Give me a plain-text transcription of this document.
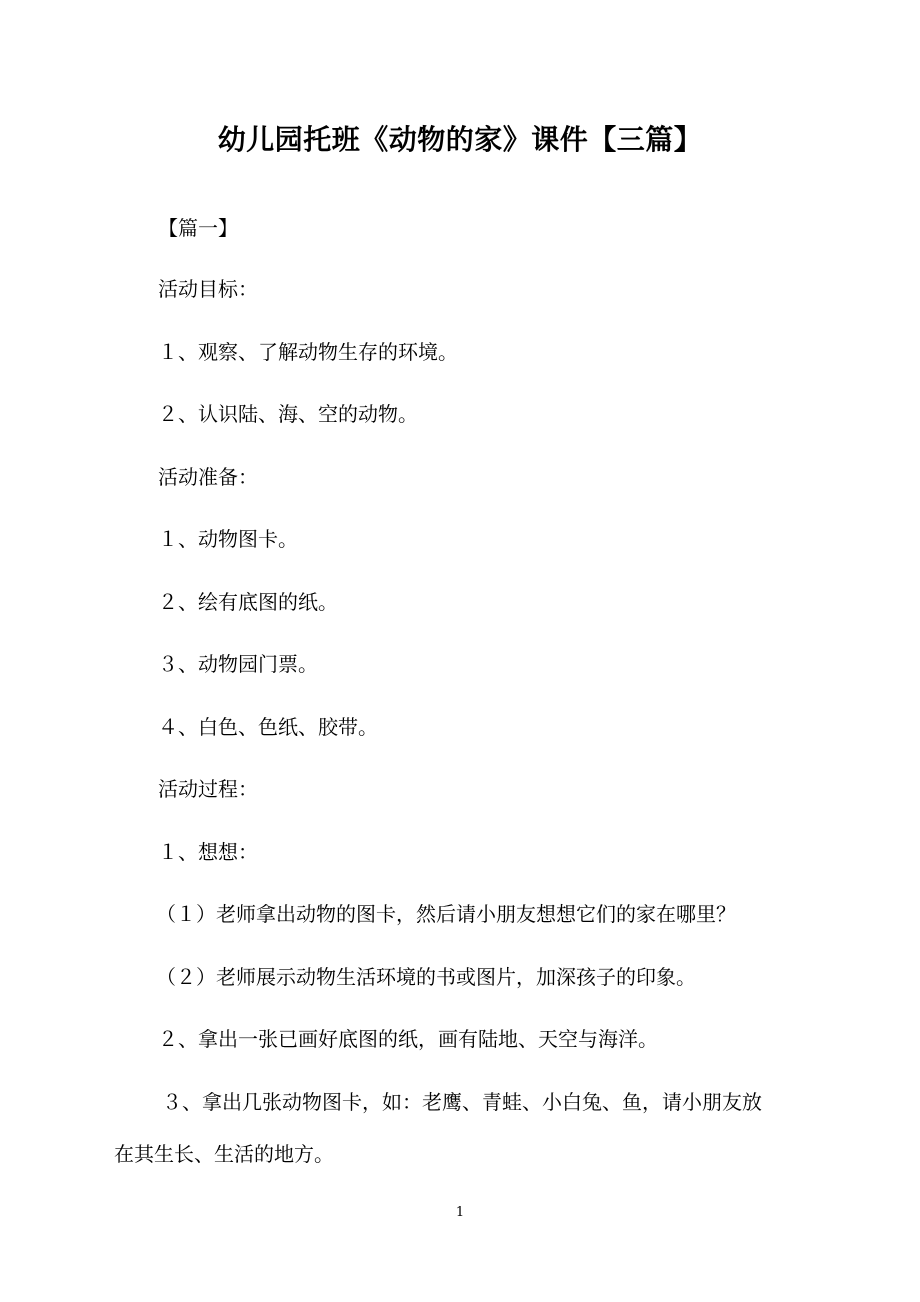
幼儿园托班《动物的家》课件【三篇】
【篇一】
活动目标：
１、观察、了解动物生存的环境。
２、认识陆、海、空的动物。
活动准备：
１、动物图卡。
２、绘有底图的纸。
３、动物园门票。
４、白色、色纸、胶带。
活动过程：
１、想想：
（１）老师拿出动物的图卡，然后请小朋友想想它们的家在哪里？
（２）老师展示动物生活环境的书或图片，加深孩子的印象。
２、拿出一张已画好底图的纸，画有陆地、天空与海洋。
３、拿出几张动物图卡，如：老鹰、青蛙、小白兔、鱼，请小朋友放
在其生长、生活的地方。
1
